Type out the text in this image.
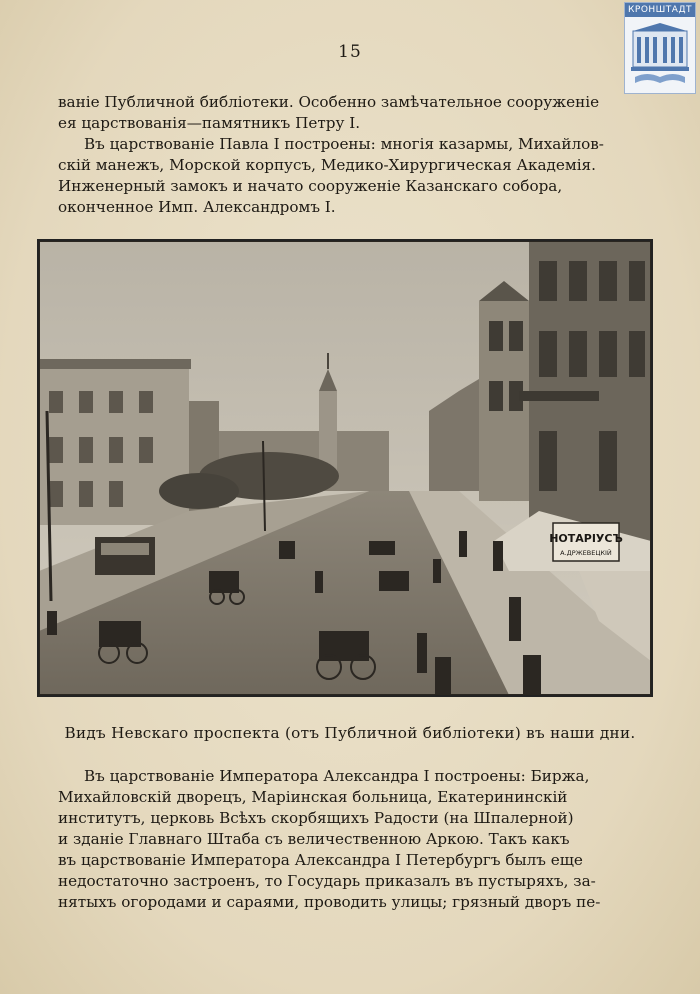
КРОНШТАДТ
15

ваніе Публичной библіотеки. Особенно замѣчательное сооруженіе
ея царствованія—памятникъ Петру I.

Въ царствованіе Павла I построены: многія казармы, Михайлов-
скій манежъ, Морской корпусъ, Медико-Хирургическая Академія.
Инженерный замокъ и начато сооруженіе Казанскаго собора,
оконченное Имп. Александромъ I.

НОТАРІУСЪ
А.ДРЖЕВЕЦКІЙ
Видъ Невскаго проспекта (отъ Публичной библіотеки) въ наши дни.

Въ царствованіе Императора Александра I построены: Биржа,
Михайловскій дворецъ, Маріинская больница, Екатерининскій
институтъ, церковь Всѣхъ скорбящихъ Радости (на Шпалерной)
и зданіе Главнаго Штаба съ величественною Аркою. Такъ какъ
въ царствованіе Императора Александра I Петербургъ былъ еще
недостаточно застроенъ, то Государь приказалъ въ пустыряхъ, за-
нятыхъ огородами и сараями, проводить улицы; грязный дворъ пе-
